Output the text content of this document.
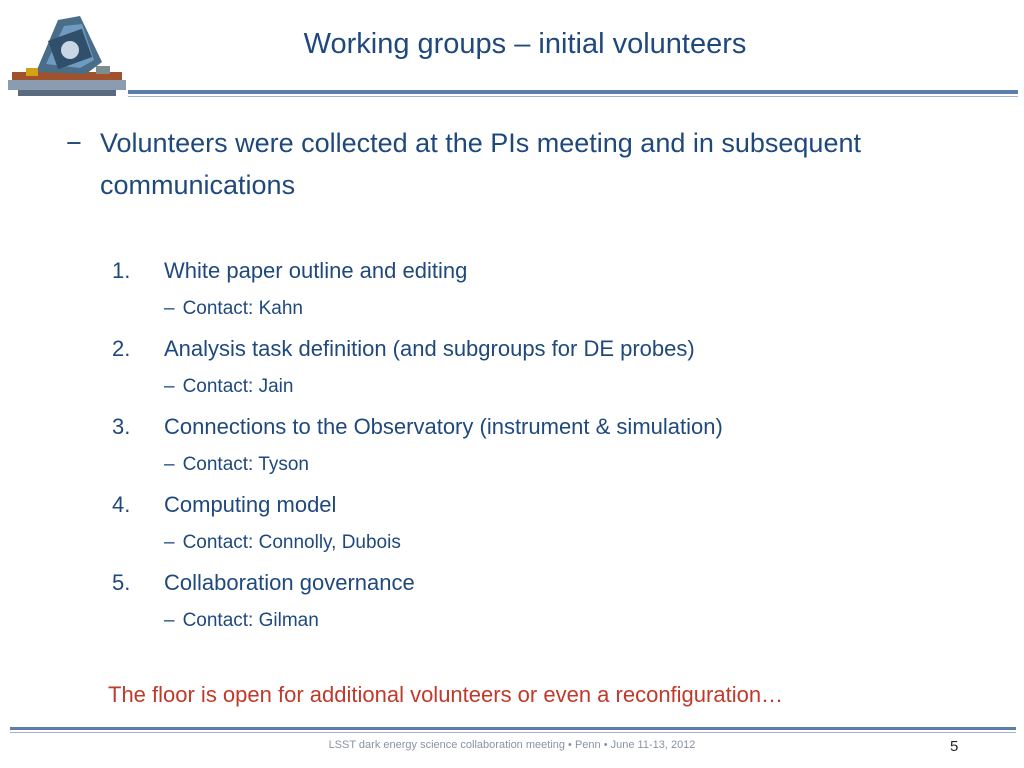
Working groups – initial volunteers
− Volunteers were collected at the PIs meeting and in subsequent communications
1. White paper outline and editing
– Contact: Kahn
2. Analysis task definition (and subgroups for DE probes)
– Contact: Jain
3. Connections to the Observatory (instrument & simulation)
– Contact: Tyson
4. Computing model
– Contact: Connolly, Dubois
5. Collaboration governance
– Contact: Gilman
The floor is open for additional volunteers or even a reconfiguration…
LSST dark energy science collaboration meeting • Penn • June 11-13, 2012	5
